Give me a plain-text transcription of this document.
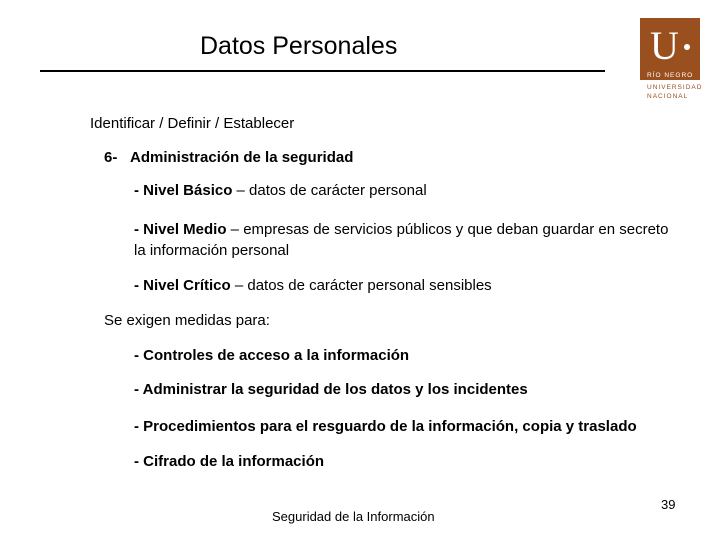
Datos Personales	U
RÍO NEGRO
UNIVERSIDAD
NACIONAL
Identificar / Definir / Establecer
6- Administración de la seguridad
- Nivel Básico – datos de carácter personal
- Nivel Medio – empresas de servicios públicos y que deban guardar en secreto
la información personal
- Nivel Crítico – datos de carácter personal sensibles
Se exigen medidas para:
- Controles de acceso a la información
- Administrar la seguridad de los datos y los incidentes
- Procedimientos para el resguardo de la información, copia y traslado
- Cifrado de la información
Seguridad de la Información
39
